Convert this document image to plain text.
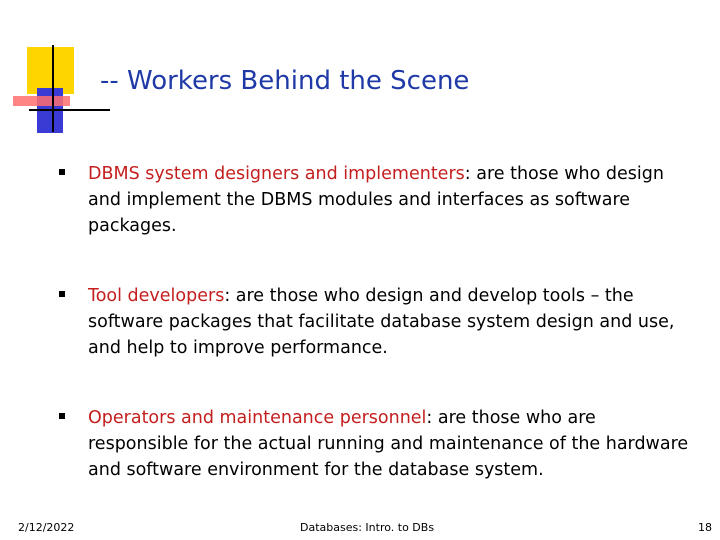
-- Workers Behind the Scene
DBMS system designers and implementers: are those who design and implement the DBMS modules and interfaces as software packages.
Tool developers: are those who design and develop tools – the software packages that facilitate database system design and use, and help to improve performance.
Operators and maintenance personnel: are those who are responsible for the actual running and maintenance of the hardware and software environment for the database system.
2/12/2022	Databases: Intro. to DBs	18
